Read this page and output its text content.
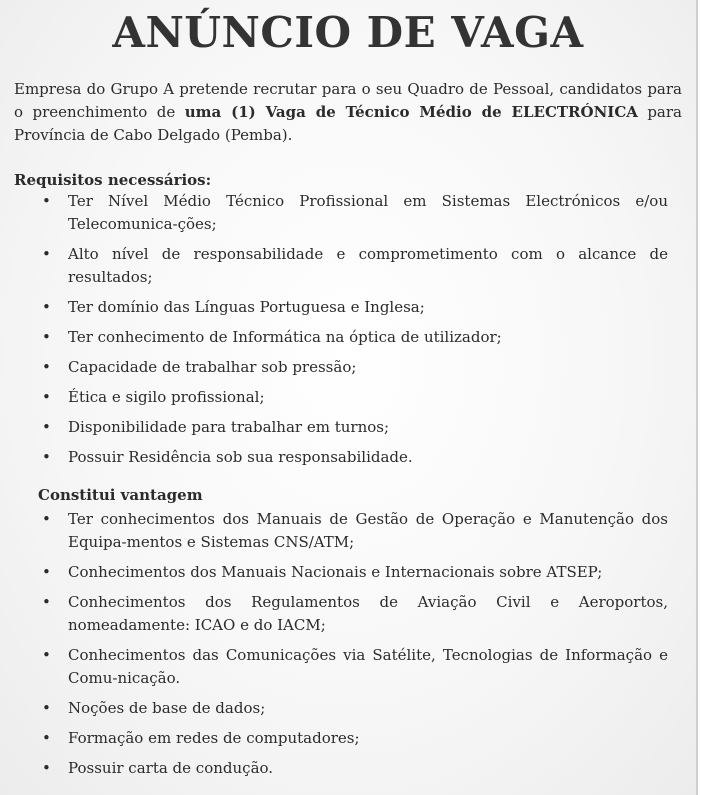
ANÚNCIO DE VAGA
Empresa do Grupo A pretende recrutar para o seu Quadro de Pessoal, candidatos para o preenchimento de uma (1) Vaga de Técnico Médio de ELECTRÓNICA para Província de Cabo Delgado (Pemba).
Requisitos necessários:
• Ter Nível Médio Técnico Profissional em Sistemas Electrónicos e/ou Telecomunica-ções;
• Alto nível de responsabilidade e comprometimento com o alcance de resultados;
• Ter domínio das Línguas Portuguesa e Inglesa;
• Ter conhecimento de Informática na óptica de utilizador;
• Capacidade de trabalhar sob pressão;
• Ética e sigilo profissional;
• Disponibilidade para trabalhar em turnos;
• Possuir Residência sob sua responsabilidade.
Constitui vantagem
• Ter conhecimentos dos Manuais de Gestão de Operação e Manutenção dos Equipa-mentos e Sistemas CNS/ATM;
• Conhecimentos dos Manuais Nacionais e Internacionais sobre ATSEP;
• Conhecimentos dos Regulamentos de Aviação Civil e Aeroportos, nomeadamente: ICAO e do IACM;
• Conhecimentos das Comunicações via Satélite, Tecnologias de Informação e Comu-nicação.
• Noções de base de dados;
• Formação em redes de computadores;
• Possuir carta de condução.
